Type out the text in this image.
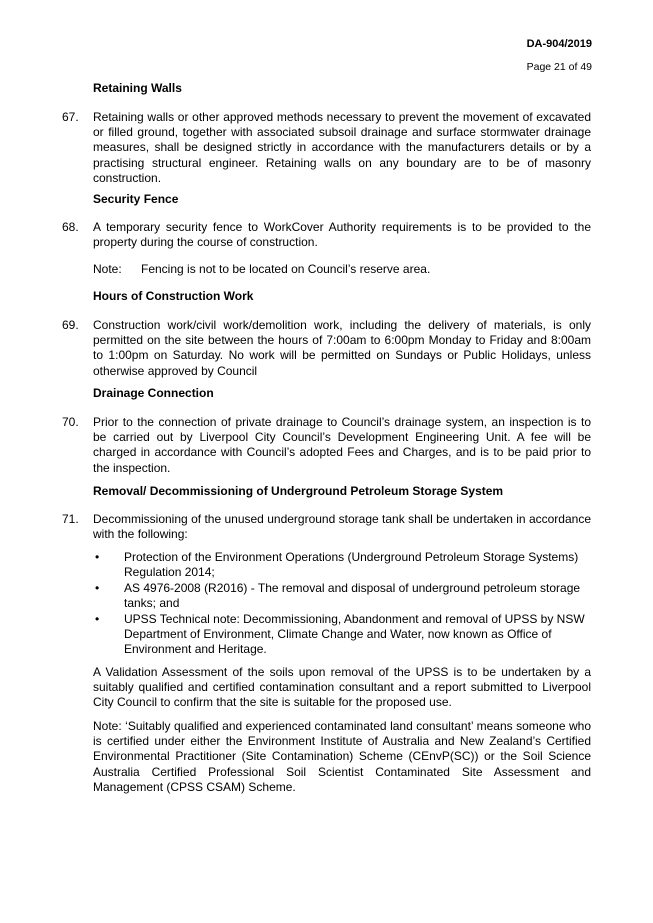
DA-904/2019
Page 21 of 49
Retaining Walls
67. Retaining walls or other approved methods necessary to prevent the movement of excavated or filled ground, together with associated subsoil drainage and surface stormwater drainage measures, shall be designed strictly in accordance with the manufacturers details or by a practising structural engineer. Retaining walls on any boundary are to be of masonry construction.
Security Fence
68. A temporary security fence to WorkCover Authority requirements is to be provided to the property during the course of construction.
Note: Fencing is not to be located on Council’s reserve area.
Hours of Construction Work
69. Construction work/civil work/demolition work, including the delivery of materials, is only permitted on the site between the hours of 7:00am to 6:00pm Monday to Friday and 8:00am to 1:00pm on Saturday. No work will be permitted on Sundays or Public Holidays, unless otherwise approved by Council
Drainage Connection
70. Prior to the connection of private drainage to Council’s drainage system, an inspection is to be carried out by Liverpool City Council’s Development Engineering Unit. A fee will be charged in accordance with Council’s adopted Fees and Charges, and is to be paid prior to the inspection.
Removal/ Decommissioning of Underground Petroleum Storage System
71. Decommissioning of the unused underground storage tank shall be undertaken in accordance with the following:
• Protection of the Environment Operations (Underground Petroleum Storage Systems) Regulation 2014;
• AS 4976-2008 (R2016) - The removal and disposal of underground petroleum storage tanks; and
• UPSS Technical note: Decommissioning, Abandonment and removal of UPSS by NSW Department of Environment, Climate Change and Water, now known as Office of Environment and Heritage.
A Validation Assessment of the soils upon removal of the UPSS is to be undertaken by a suitably qualified and certified contamination consultant and a report submitted to Liverpool City Council to confirm that the site is suitable for the proposed use.
Note: ‘Suitably qualified and experienced contaminated land consultant’ means someone who is certified under either the Environment Institute of Australia and New Zealand’s Certified Environmental Practitioner (Site Contamination) Scheme (CEnvP(SC)) or the Soil Science Australia Certified Professional Soil Scientist Contaminated Site Assessment and Management (CPSS CSAM) Scheme.
